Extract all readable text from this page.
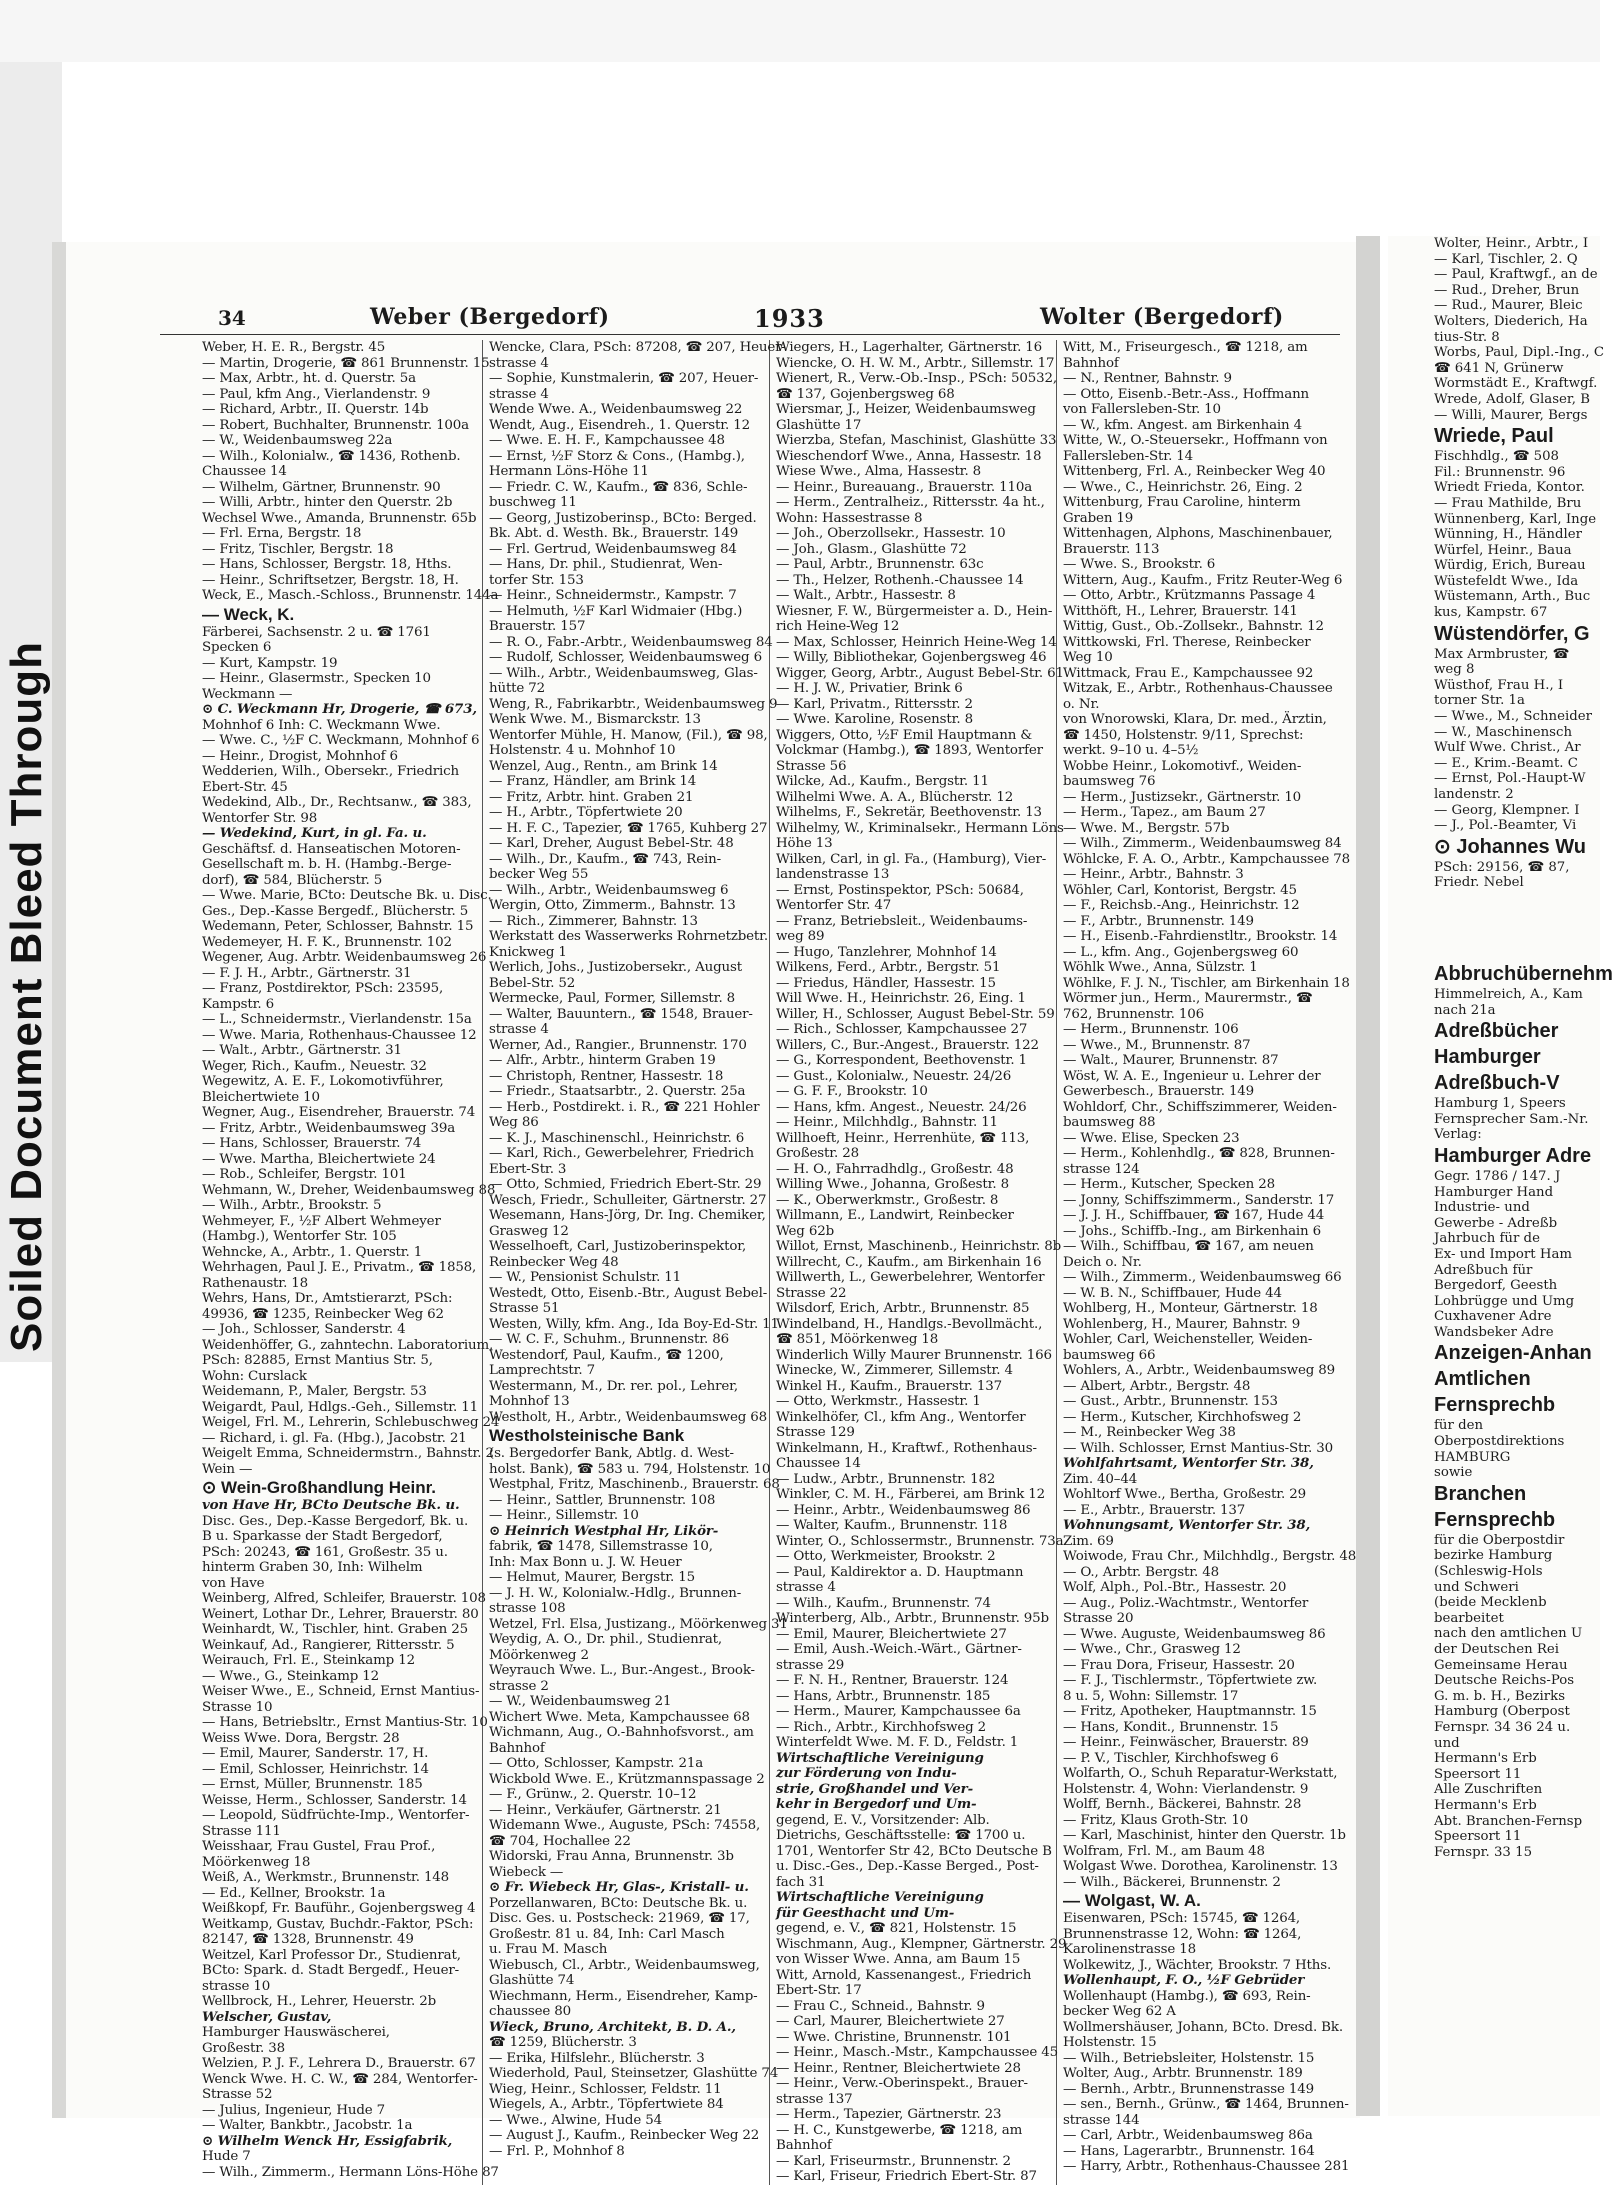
Soiled Document Bleed Through
Wolter, Heinr., Arbtr., I
— Karl, Tischler, 2. Q
— Paul, Kraftwgf., an de
— Rud., Dreher, Brun
— Rud., Maurer, Bleic
Wolters, Diederich, Ha
tius-Str. 8
Worbs, Paul, Dipl.-Ing., C
☎ 641 N, Grünerw
Wormstädt E., Kraftwgf.
Wrede, Adolf, Glaser, B
— Willi, Maurer, Bergs
Wriede, Paul
Fischhdlg., ☎ 508
Fil.: Brunnenstr. 96
Wriedt Frieda, Kontor.
— Frau Mathilde, Bru
Wünnenberg, Karl, Inge
Wünning, H., Händler
Würfel, Heinr., Baua
Würdig, Erich, Bureau
Wüstefeldt Wwe., Ida
Wüstemann, Arth., Buc
kus, Kampstr. 67
Wüstendörfer, G
Max Armbruster, ☎
weg 8
Wüsthof, Frau H., I
torner Str. 1a
— Wwe., M., Schneider
— W., Maschinensch
Wulf Wwe. Christ., Ar
— E., Krim.-Beamt. C
— Ernst, Pol.-Haupt-W
landenstr. 2
— Georg, Klempner. I
— J., Pol.-Beamter, Vi
⊙ Johannes Wu
PSch: 29156, ☎ 87,
Friedr. Nebel
Abbruchübernehm
Himmelreich, A., Kam
nach 21a
Adreßbücher
Hamburger
Adreßbuch-V
Hamburg 1, Speers
Fernsprecher Sam.-Nr.
Verlag:
Hamburger Adre
Gegr. 1786 / 147. J
Hamburger Hand
Industrie- und
Gewerbe - Adreßb
Jahrbuch für de
Ex- und Import Ham
Adreßbuch für
Bergedorf, Geesth
Lohbrügge und Umg
Cuxhavener Adre
Wandsbeker Adre
Anzeigen-Anhan
Amtlichen
Fernsprechb
für den
Oberpostdirektions
HAMBURG
sowie
Branchen
Fernsprechb
für die Oberpostdir
bezirke Hamburg
(Schleswig-Hols
und Schweri
(beide Mecklenb
bearbeitet
nach den amtlichen U
der Deutschen Rei
Gemeinsame Herau
Deutsche Reichs-Pos
G. m. b. H., Bezirks
Hamburg (Oberpost
Fernspr. 34 36 24 u.
und
Hermann's Erb
Speersort 11
Alle Zuschriften
Hermann's Erb
Abt. Branchen-Fernsp
Speersort 11
Fernspr. 33 15
34	Weber (Bergedorf)	1933	Wolter (Bergedorf)
Weber, H. E. R., Bergstr. 45
— Martin, Drogerie, ☎ 861 Brunnenstr. 15
— Max, Arbtr., ht. d. Querstr. 5a
— Paul, kfm Ang., Vierlandenstr. 9
— Richard, Arbtr., II. Querstr. 14b
— Robert, Buchhalter, Brunnenstr. 100a
— W., Weidenbaumsweg 22a
— Wilh., Kolonialw., ☎ 1436, Rothenb.
Chaussee 14
— Wilhelm, Gärtner, Brunnenstr. 90
— Willi, Arbtr., hinter den Querstr. 2b
Wechsel Wwe., Amanda, Brunnenstr. 65b
— Frl. Erna, Bergstr. 18
— Fritz, Tischler, Bergstr. 18
— Hans, Schlosser, Bergstr. 18, Hths.
— Heinr., Schriftsetzer, Bergstr. 18, H.
Weck, E., Masch.-Schloss., Brunnenstr. 144a
— Weck, K.
Färberei, Sachsenstr. 2 u. ☎ 1761
Specken 6
— Kurt, Kampstr. 19
— Heinr., Glasermstr., Specken 10
Weckmann —
⊙ C. Weckmann Hr, Drogerie, ☎ 673,
Mohnhof 6 Inh: C. Weckmann Wwe.
— Wwe. C., ½F C. Weckmann, Mohnhof 6
— Heinr., Drogist, Mohnhof 6
Wedderien, Wilh., Obersekr., Friedrich
Ebert-Str. 45
Wedekind, Alb., Dr., Rechtsanw., ☎ 383,
Wentorfer Str. 98
— Wedekind, Kurt, in gl. Fa. u.
Geschäftsf. d. Hanseatischen Motoren-
Gesellschaft m. b. H. (Hambg.-Berge-
dorf), ☎ 584, Blücherstr. 5
— Wwe. Marie, BCto: Deutsche Bk. u. Disc.
Ges., Dep.-Kasse Bergedf., Blücherstr. 5
Wedemann, Peter, Schlosser, Bahnstr. 15
Wedemeyer, H. F. K., Brunnenstr. 102
Wegener, Aug. Arbtr. Weidenbaumsweg 26
— F. J. H., Arbtr., Gärtnerstr. 31
— Franz, Postdirektor, PSch: 23595,
Kampstr. 6
— L., Schneidermstr., Vierlandenstr. 15a
— Wwe. Maria, Rothenhaus-Chaussee 12
— Walt., Arbtr., Gärtnerstr. 31
Weger, Rich., Kaufm., Neuestr. 32
Wegewitz, A. E. F., Lokomotivführer,
Bleichertwiete 10
Wegner, Aug., Eisendreher, Brauerstr. 74
— Fritz, Arbtr., Weidenbaumsweg 39a
— Hans, Schlosser, Brauerstr. 74
— Wwe. Martha, Bleichertwiete 24
— Rob., Schleifer, Bergstr. 101
Wehmann, W., Dreher, Weidenbaumsweg 88
— Wilh., Arbtr., Brookstr. 5
Wehmeyer, F., ½F Albert Wehmeyer
(Hambg.), Wentorfer Str. 105
Wehncke, A., Arbtr., 1. Querstr. 1
Wehrhagen, Paul J. E., Privatm., ☎ 1858,
Rathenaustr. 18
Wehrs, Hans, Dr., Amtstierarzt, PSch:
49936, ☎ 1235, Reinbecker Weg 62
— Joh., Schlosser, Sanderstr. 4
Weidenhöffer, G., zahntechn. Laboratorium,
PSch: 82885, Ernst Mantius Str. 5,
Wohn: Curslack
Weidemann, P., Maler, Bergstr. 53
Weigardt, Paul, Hdlgs.-Geh., Sillemstr. 11
Weigel, Frl. M., Lehrerin, Schlebuschweg 24
— Richard, i. gl. Fa. (Hbg.), Jacobstr. 21
Weigelt Emma, Schneidermstrn., Bahnstr. 2
Wein —
⊙ Wein-Großhandlung Heinr.
von Have Hr, BCto Deutsche Bk. u.
Disc. Ges., Dep.-Kasse Bergedorf, Bk. u.
B u. Sparkasse der Stadt Bergedorf,
PSch: 20243, ☎ 161, Großestr. 35 u.
hinterm Graben 30, Inh: Wilhelm
von Have
Weinberg, Alfred, Schleifer, Brauerstr. 108
Weinert, Lothar Dr., Lehrer, Brauerstr. 80
Weinhardt, W., Tischler, hint. Graben 25
Weinkauf, Ad., Rangierer, Rittersstr. 5
Weirauch, Frl. E., Steinkamp 12
— Wwe., G., Steinkamp 12
Weiser Wwe., E., Schneid, Ernst Mantius-
Strasse 10
— Hans, Betriebsltr., Ernst Mantius-Str. 10
Weiss Wwe. Dora, Bergstr. 28
— Emil, Maurer, Sanderstr. 17, H.
— Emil, Schlosser, Heinrichstr. 14
— Ernst, Müller, Brunnenstr. 185
Weisse, Herm., Schlosser, Sanderstr. 14
— Leopold, Südfrüchte-Imp., Wentorfer-
Strasse 111
Weisshaar, Frau Gustel, Frau Prof.,
Möörkenweg 18
Weiß, A., Werkmstr., Brunnenstr. 148
— Ed., Kellner, Brookstr. 1a
Weißkopf, Fr. Bauführ., Gojenbergsweg 4
Weitkamp, Gustav, Buchdr.-Faktor, PSch:
82147, ☎ 1328, Brunnenstr. 49
Weitzel, Karl Professor Dr., Studienrat,
BCto: Spark. d. Stadt Bergedf., Heuer-
strasse 10
Wellbrock, H., Lehrer, Heuerstr. 2b
Welscher, Gustav,
Hamburger Hauswäscherei,
Großestr. 38
Welzien, P. J. F., Lehrera D., Brauerstr. 67
Wenck Wwe. H. C. W., ☎ 284, Wentorfer-
Strasse 52
— Julius, Ingenieur, Hude 7
— Walter, Bankbtr., Jacobstr. 1a
⊙ Wilhelm Wenck Hr, Essigfabrik,
Hude 7
— Wilh., Zimmerm., Hermann Löns-Höhe 87
Wencke, Clara, PSch: 87208, ☎ 207, Heuer-
strasse 4
— Sophie, Kunstmalerin, ☎ 207, Heuer-
strasse 4
Wende Wwe. A., Weidenbaumsweg 22
Wendt, Aug., Eisendreh., 1. Querstr. 12
— Wwe. E. H. F., Kampchaussee 48
— Ernst, ½F Storz & Cons., (Hambg.),
Hermann Löns-Höhe 11
— Friedr. C. W., Kaufm., ☎ 836, Schle-
buschweg 11
— Georg, Justizoberinsp., BCto: Berged.
Bk. Abt. d. Westh. Bk., Brauerstr. 149
— Frl. Gertrud, Weidenbaumsweg 84
— Hans, Dr. phil., Studienrat, Wen-
torfer Str. 153
— Heinr., Schneidermstr., Kampstr. 7
— Helmuth, ½F Karl Widmaier (Hbg.)
Brauerstr. 157
— R. O., Fabr.-Arbtr., Weidenbaumsweg 84
— Rudolf, Schlosser, Weidenbaumsweg 6
— Wilh., Arbtr., Weidenbaumsweg, Glas-
hütte 72
Weng, R., Fabrikarbtr., Weidenbaumsweg 9
Wenk Wwe. M., Bismarckstr. 13
Wentorfer Mühle, H. Manow, (Fil.), ☎ 98,
Holstenstr. 4 u. Mohnhof 10
Wenzel, Aug., Rentn., am Brink 14
— Franz, Händler, am Brink 14
— Fritz, Arbtr. hint. Graben 21
— H., Arbtr., Töpfertwiete 20
— H. F. C., Tapezier, ☎ 1765, Kuhberg 27
— Karl, Dreher, August Bebel-Str. 48
— Wilh., Dr., Kaufm., ☎ 743, Rein-
becker Weg 55
— Wilh., Arbtr., Weidenbaumsweg 6
Wergin, Otto, Zimmerm., Bahnstr. 13
— Rich., Zimmerer, Bahnstr. 13
Werkstatt des Wasserwerks Rohrnetzbetr.
Knickweg 1
Werlich, Johs., Justizobersekr., August
Bebel-Str. 52
Wermecke, Paul, Former, Sillemstr. 8
— Walter, Bauuntern., ☎ 1548, Brauer-
strasse 4
Werner, Ad., Rangier., Brunnenstr. 170
— Alfr., Arbtr., hinterm Graben 19
— Christoph, Rentner, Hassestr. 18
— Friedr., Staatsarbtr., 2. Querstr. 25a
— Herb., Postdirekt. i. R., ☎ 221 Hohler
Weg 86
— K. J., Maschinenschl., Heinrichstr. 6
— Karl, Rich., Gewerbelehrer, Friedrich
Ebert-Str. 3
— Otto, Schmied, Friedrich Ebert-Str. 29
Wesch, Friedr., Schulleiter, Gärtnerstr. 27
Wesemann, Hans-Jörg, Dr. Ing. Chemiker,
Grasweg 12
Wesselhoeft, Carl, Justizoberinspektor,
Reinbecker Weg 48
— W., Pensionist Schulstr. 11
Westedt, Otto, Eisenb.-Btr., August Bebel-
Strasse 51
Westen, Willy, kfm. Ang., Ida Boy-Ed-Str. 11
— W. C. F., Schuhm., Brunnenstr. 86
Westendorf, Paul, Kaufm., ☎ 1200,
Lamprechtstr. 7
Westermann, M., Dr. rer. pol., Lehrer,
Mohnhof 13
Westholt, H., Arbtr., Weidenbaumsweg 68
Westholsteinische Bank
(s. Bergedorfer Bank, Abtlg. d. West-
holst. Bank), ☎ 583 u. 794, Holstenstr. 10
Westphal, Fritz, Maschinenb., Brauerstr. 68
— Heinr., Sattler, Brunnenstr. 108
— Heinr., Sillemstr. 10
⊙ Heinrich Westphal Hr, Likör-
fabrik, ☎ 1478, Sillemstrasse 10,
Inh: Max Bonn u. J. W. Heuer
— Helmut, Maurer, Bergstr. 15
— J. H. W., Kolonialw.-Hdlg., Brunnen-
strasse 108
Wetzel, Frl. Elsa, Justizang., Möörkenweg 31
Weydig, A. O., Dr. phil., Studienrat,
Möörkenweg 2
Weyrauch Wwe. L., Bur.-Angest., Brook-
strasse 2
— W., Weidenbaumsweg 21
Wichert Wwe. Meta, Kampchaussee 68
Wichmann, Aug., O.-Bahnhofsvorst., am
Bahnhof
— Otto, Schlosser, Kampstr. 21a
Wickbold Wwe. E., Krützmannspassage 2
— F., Grünw., 2. Querstr. 10–12
— Heinr., Verkäufer, Gärtnerstr. 21
Widemann Wwe., Auguste, PSch: 74558,
☎ 704, Hochallee 22
Widorski, Frau Anna, Brunnenstr. 3b
Wiebeck —
⊙ Fr. Wiebeck Hr, Glas-, Kristall- u.
Porzellanwaren, BCto: Deutsche Bk. u.
Disc. Ges. u. Postscheck: 21969, ☎ 17,
Großestr. 81 u. 84, Inh: Carl Masch
u. Frau M. Masch
Wiebusch, Cl., Arbtr., Weidenbaumsweg,
Glashütte 74
Wiechmann, Herm., Eisendreher, Kamp-
chaussee 80
Wieck, Bruno, Architekt, B. D. A.,
☎ 1259, Blücherstr. 3
— Erika, Hilfslehr., Blücherstr. 3
Wiederhold, Paul, Steinsetzer, Glashütte 74
Wieg, Heinr., Schlosser, Feldstr. 11
Wiegels, A., Arbtr., Töpfertwiete 84
— Wwe., Alwine, Hude 54
— August J., Kaufm., Reinbecker Weg 22
— Frl. P., Mohnhof 8
Wiegers, H., Lagerhalter, Gärtnerstr. 16
Wiencke, O. H. W. M., Arbtr., Sillemstr. 17
Wienert, R., Verw.-Ob.-Insp., PSch: 50532,
☎ 137, Gojenbergsweg 68
Wiersmar, J., Heizer, Weidenbaumsweg
Glashütte 17
Wierzba, Stefan, Maschinist, Glashütte 33
Wieschendorf Wwe., Anna, Hassestr. 18
Wiese Wwe., Alma, Hassestr. 8
— Heinr., Bureauang., Brauerstr. 110a
— Herm., Zentralheiz., Rittersstr. 4a ht.,
Wohn: Hassestrasse 8
— Joh., Oberzollsekr., Hassestr. 10
— Joh., Glasm., Glashütte 72
— Paul, Arbtr., Brunnenstr. 63c
— Th., Helzer, Rothenh.-Chaussee 14
— Walt., Arbtr., Hassestr. 8
Wiesner, F. W., Bürgermeister a. D., Hein-
rich Heine-Weg 12
— Max, Schlosser, Heinrich Heine-Weg 14
— Willy, Bibliothekar, Gojenbergsweg 46
Wigger, Georg, Arbtr., August Bebel-Str. 61
— H. J. W., Privatier, Brink 6
— Karl, Privatm., Rittersstr. 2
— Wwe. Karoline, Rosenstr. 8
Wiggers, Otto, ½F Emil Hauptmann &
Volckmar (Hambg.), ☎ 1893, Wentorfer
Strasse 56
Wilcke, Ad., Kaufm., Bergstr. 11
Wilhelmi Wwe. A. A., Blücherstr. 12
Wilhelms, F., Sekretär, Beethovenstr. 13
Wilhelmy, W., Kriminalsekr., Hermann Löns
Höhe 13
Wilken, Carl, in gl. Fa., (Hamburg), Vier-
landenstrasse 13
— Ernst, Postinspektor, PSch: 50684,
Wentorfer Str. 47
— Franz, Betriebsleit., Weidenbaums-
weg 89
— Hugo, Tanzlehrer, Mohnhof 14
Wilkens, Ferd., Arbtr., Bergstr. 51
— Friedus, Händler, Hassestr. 15
Will Wwe. H., Heinrichstr. 26, Eing. 1
Willer, H., Schlosser, August Bebel-Str. 59
— Rich., Schlosser, Kampchaussee 27
Willers, C., Bur.-Angest., Brauerstr. 122
— G., Korrespondent, Beethovenstr. 1
— Gust., Kolonialw., Neuestr. 24/26
— G. F. F., Brookstr. 10
— Hans, kfm. Angest., Neuestr. 24/26
— Heinr., Milchhdlg., Bahnstr. 11
Willhoeft, Heinr., Herrenhüte, ☎ 113,
Großestr. 28
— H. O., Fahrradhdlg., Großestr. 48
Willing Wwe., Johanna, Großestr. 8
— K., Oberwerkmstr., Großestr. 8
Willmann, E., Landwirt, Reinbecker
Weg 62b
Willot, Ernst, Maschinenb., Heinrichstr. 8b
Willrecht, C., Kaufm., am Birkenhain 16
Willwerth, L., Gewerbelehrer, Wentorfer
Strasse 22
Wilsdorf, Erich, Arbtr., Brunnenstr. 85
Windelband, H., Handlgs.-Bevollmächt.,
☎ 851, Möörkenweg 18
Winderlich Willy Maurer Brunnenstr. 166
Winecke, W., Zimmerer, Sillemstr. 4
Winkel H., Kaufm., Brauerstr. 137
— Otto, Werkmstr., Hassestr. 1
Winkelhöfer, Cl., kfm Ang., Wentorfer
Strasse 129
Winkelmann, H., Kraftwf., Rothenhaus-
Chaussee 14
— Ludw., Arbtr., Brunnenstr. 182
Winkler, C. M. H., Färberei, am Brink 12
— Heinr., Arbtr., Weidenbaumsweg 86
— Walter, Kaufm., Brunnenstr. 118
Winter, O., Schlossermstr., Brunnenstr. 73a
— Otto, Werkmeister, Brookstr. 2
— Paul, Kaldirektor a. D. Hauptmann
strasse 4
— Wilh., Kaufm., Brunnenstr. 74
Winterberg, Alb., Arbtr., Brunnenstr. 95b
— Emil, Maurer, Bleichertwiete 27
— Emil, Aush.-Weich.-Wärt., Gärtner-
strasse 29
— F. N. H., Rentner, Brauerstr. 124
— Hans, Arbtr., Brunnenstr. 185
— Herm., Maurer, Kampchaussee 6a
— Rich., Arbtr., Kirchhofsweg 2
Winterfeldt Wwe. M. F. D., Feldstr. 1
Wirtschaftliche Vereinigung
zur Förderung von Indu-
strie, Großhandel und Ver-
kehr in Bergedorf und Um-
gegend, E. V., Vorsitzender: Alb.
Dietrichs, Geschäftsstelle: ☎ 1700 u.
1701, Wentorfer Str 42, BCto Deutsche B
u. Disc.-Ges., Dep.-Kasse Berged., Post-
fach 31
Wirtschaftliche Vereinigung
für Geesthacht und Um-
gegend, e. V., ☎ 821, Holstenstr. 15
Wischmann, Aug., Klempner, Gärtnerstr. 29
von Wisser Wwe. Anna, am Baum 15
Witt, Arnold, Kassenangest., Friedrich
Ebert-Str. 17
— Frau C., Schneid., Bahnstr. 9
— Carl, Maurer, Bleichertwiete 27
— Wwe. Christine, Brunnenstr. 101
— Heinr., Masch.-Mstr., Kampchaussee 45
— Heinr., Rentner, Bleichertwiete 28
— Heinr., Verw.-Oberinspekt., Brauer-
strasse 137
— Herm., Tapezier, Gärtnerstr. 23
— H. C., Kunstgewerbe, ☎ 1218, am
Bahnhof
— Karl, Friseurmstr., Brunnenstr. 2
— Karl, Friseur, Friedrich Ebert-Str. 87
Witt, M., Friseurgesch., ☎ 1218, am
Bahnhof
— N., Rentner, Bahnstr. 9
— Otto, Eisenb.-Betr.-Ass., Hoffmann
von Fallersleben-Str. 10
— W., kfm. Angest. am Birkenhain 4
Witte, W., O.-Steuersekr., Hoffmann von
Fallersleben-Str. 14
Wittenberg, Frl. A., Reinbecker Weg 40
— Wwe., C., Heinrichstr. 26, Eing. 2
Wittenburg, Frau Caroline, hinterm
Graben 19
Wittenhagen, Alphons, Maschinenbauer,
Brauerstr. 113
— Wwe. S., Brookstr. 6
Wittern, Aug., Kaufm., Fritz Reuter-Weg 6
— Otto, Arbtr., Krützmanns Passage 4
Witthöft, H., Lehrer, Brauerstr. 141
Wittig, Gust., Ob.-Zollsekr., Bahnstr. 12
Wittkowski, Frl. Therese, Reinbecker
Weg 10
Wittmack, Frau E., Kampchaussee 92
Witzak, E., Arbtr., Rothenhaus-Chaussee
o. Nr.
von Wnorowski, Klara, Dr. med., Ärztin,
☎ 1450, Holstenstr. 9/11, Sprechst:
werkt. 9–10 u. 4–5½
Wobbe Heinr., Lokomotivf., Weiden-
baumsweg 76
— Herm., Justizsekr., Gärtnerstr. 10
— Herm., Tapez., am Baum 27
— Wwe. M., Bergstr. 57b
— Wilh., Zimmerm., Weidenbaumsweg 84
Wöhlcke, F. A. O., Arbtr., Kampchaussee 78
— Heinr., Arbtr., Bahnstr. 3
Wöhler, Carl, Kontorist, Bergstr. 45
— F., Reichsb.-Ang., Heinrichstr. 12
— F., Arbtr., Brunnenstr. 149
— H., Eisenb.-Fahrdienstltr., Brookstr. 14
— L., kfm. Ang., Gojenbergsweg 60
Wöhlk Wwe., Anna, Sülzstr. 1
Wöhlke, F. J. N., Tischler, am Birkenhain 18
Wörmer jun., Herm., Maurermstr., ☎
762, Brunnenstr. 106
— Herm., Brunnenstr. 106
— Wwe., M., Brunnenstr. 87
— Walt., Maurer, Brunnenstr. 87
Wöst, W. A. E., Ingenieur u. Lehrer der
Gewerbesch., Brauerstr. 149
Wohldorf, Chr., Schiffszimmerer, Weiden-
baumsweg 88
— Wwe. Elise, Specken 23
— Herm., Kohlenhdlg., ☎ 828, Brunnen-
strasse 124
— Herm., Kutscher, Specken 28
— Jonny, Schiffszimmerm., Sanderstr. 17
— J. J. H., Schiffbauer, ☎ 167, Hude 44
— Johs., Schiffb.-Ing., am Birkenhain 6
— Wilh., Schiffbau, ☎ 167, am neuen
Deich o. Nr.
— Wilh., Zimmerm., Weidenbaumsweg 66
— W. B. N., Schiffbauer, Hude 44
Wohlberg, H., Monteur, Gärtnerstr. 18
Wohlenberg, H., Maurer, Bahnstr. 9
Wohler, Carl, Weichensteller, Weiden-
baumsweg 66
Wohlers, A., Arbtr., Weidenbaumsweg 89
— Albert, Arbtr., Bergstr. 48
— Gust., Arbtr., Brunnenstr. 153
— Herm., Kutscher, Kirchhofsweg 2
— M., Reinbecker Weg 38
— Wilh. Schlosser, Ernst Mantius-Str. 30
Wohlfahrtsamt, Wentorfer Str. 38,
Zim. 40–44
Wohltorf Wwe., Bertha, Großestr. 29
— E., Arbtr., Brauerstr. 137
Wohnungsamt, Wentorfer Str. 38,
Zim. 69
Woiwode, Frau Chr., Milchhdlg., Bergstr. 48
— O., Arbtr. Bergstr. 48
Wolf, Alph., Pol.-Btr., Hassestr. 20
— Aug., Poliz.-Wachtmstr., Wentorfer
Strasse 20
— Wwe. Auguste, Weidenbaumsweg 86
— Wwe., Chr., Grasweg 12
— Frau Dora, Friseur, Hassestr. 20
— F. J., Tischlermstr., Töpfertwiete zw.
8 u. 5, Wohn: Sillemstr. 17
— Fritz, Apotheker, Hauptmannstr. 15
— Hans, Kondit., Brunnenstr. 15
— Heinr., Feinwäscher, Brauerstr. 89
— P. V., Tischler, Kirchhofsweg 6
Wolfarth, O., Schuh Reparatur-Werkstatt,
Holstenstr. 4, Wohn: Vierlandenstr. 9
Wolff, Bernh., Bäckerei, Bahnstr. 28
— Fritz, Klaus Groth-Str. 10
— Karl, Maschinist, hinter den Querstr. 1b
Wolfram, Frl. M., am Baum 48
Wolgast Wwe. Dorothea, Karolinenstr. 13
— Wilh., Bäckerei, Brunnenstr. 2
— Wolgast, W. A.
Eisenwaren, PSch: 15745, ☎ 1264,
Brunnenstrasse 12, Wohn: ☎ 1264,
Karolinenstrasse 18
Wolkewitz, J., Wächter, Brookstr. 7 Hths.
Wollenhaupt, F. O., ½F Gebrüder
Wollenhaupt (Hambg.), ☎ 693, Rein-
becker Weg 62 A
Wollmershäuser, Johann, BCto. Dresd. Bk.
Holstenstr. 15
— Wilh., Betriebsleiter, Holstenstr. 15
Wolter, Aug., Arbtr. Brunnenstr. 189
— Bernh., Arbtr., Brunnenstrasse 149
— sen., Bernh., Grünw., ☎ 1464, Brunnen-
strasse 144
— Carl, Arbtr., Weidenbaumsweg 86a
— Hans, Lagerarbtr., Brunnenstr. 164
— Harry, Arbtr., Rothenhaus-Chaussee 281
